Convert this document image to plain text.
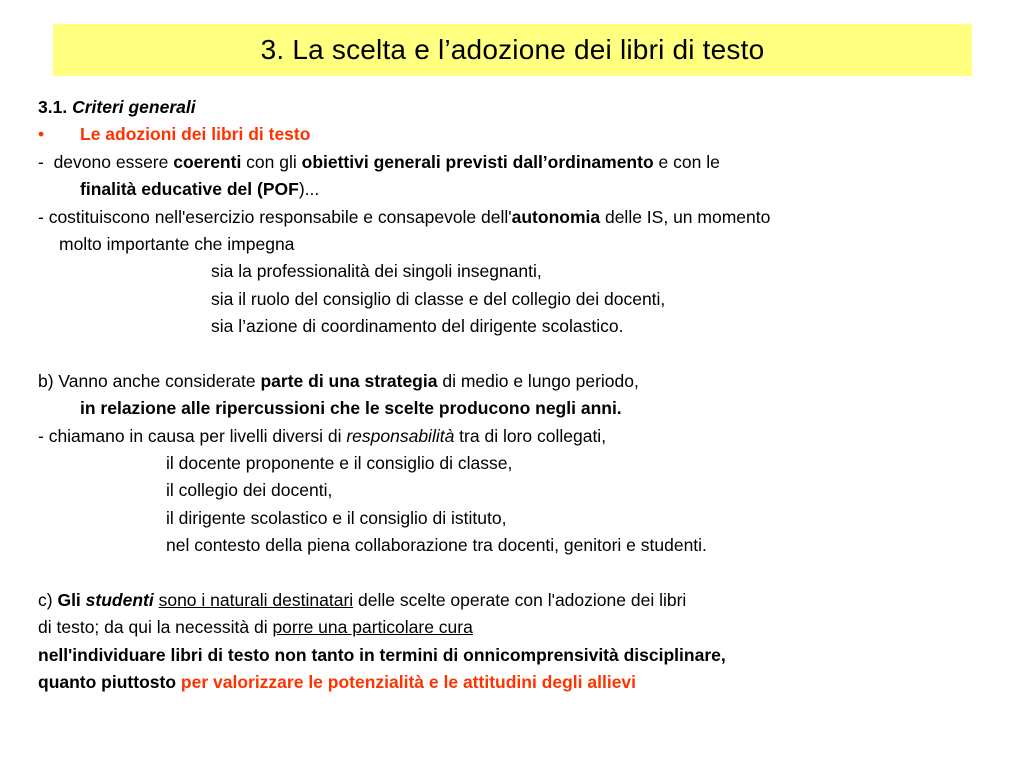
3. La scelta e l’adozione dei libri di testo
3.1. Criteri generali
• Le adozioni dei libri di testo
- devono essere coerenti con gli obiettivi generali previsti dall’ordinamento e con le
finalità educative del (POF)...
- costituiscono nell'esercizio responsabile e consapevole dell'autonomia delle IS, un momento
molto importante che impegna
sia la professionalità dei singoli insegnanti,
sia il ruolo del consiglio di classe e del collegio dei docenti,
sia l’azione di coordinamento del dirigente scolastico.
b) Vanno anche considerate parte di una strategia di medio e lungo periodo,
in relazione alle ripercussioni che le scelte producono negli anni.
- chiamano in causa per livelli diversi di responsabilità tra di loro collegati,
il docente proponente e il consiglio di classe,
il collegio dei docenti,
il dirigente scolastico e il consiglio di istituto,
nel contesto della piena collaborazione tra docenti, genitori e studenti.
c) Gli studenti sono i naturali destinatari delle scelte operate con l'adozione dei libri
di testo; da qui la necessità di porre una particolare cura
nell'individuare libri di testo non tanto in termini di onnicomprensività disciplinare,
quanto piuttosto per valorizzare le potenzialità e le attitudini degli allievi
